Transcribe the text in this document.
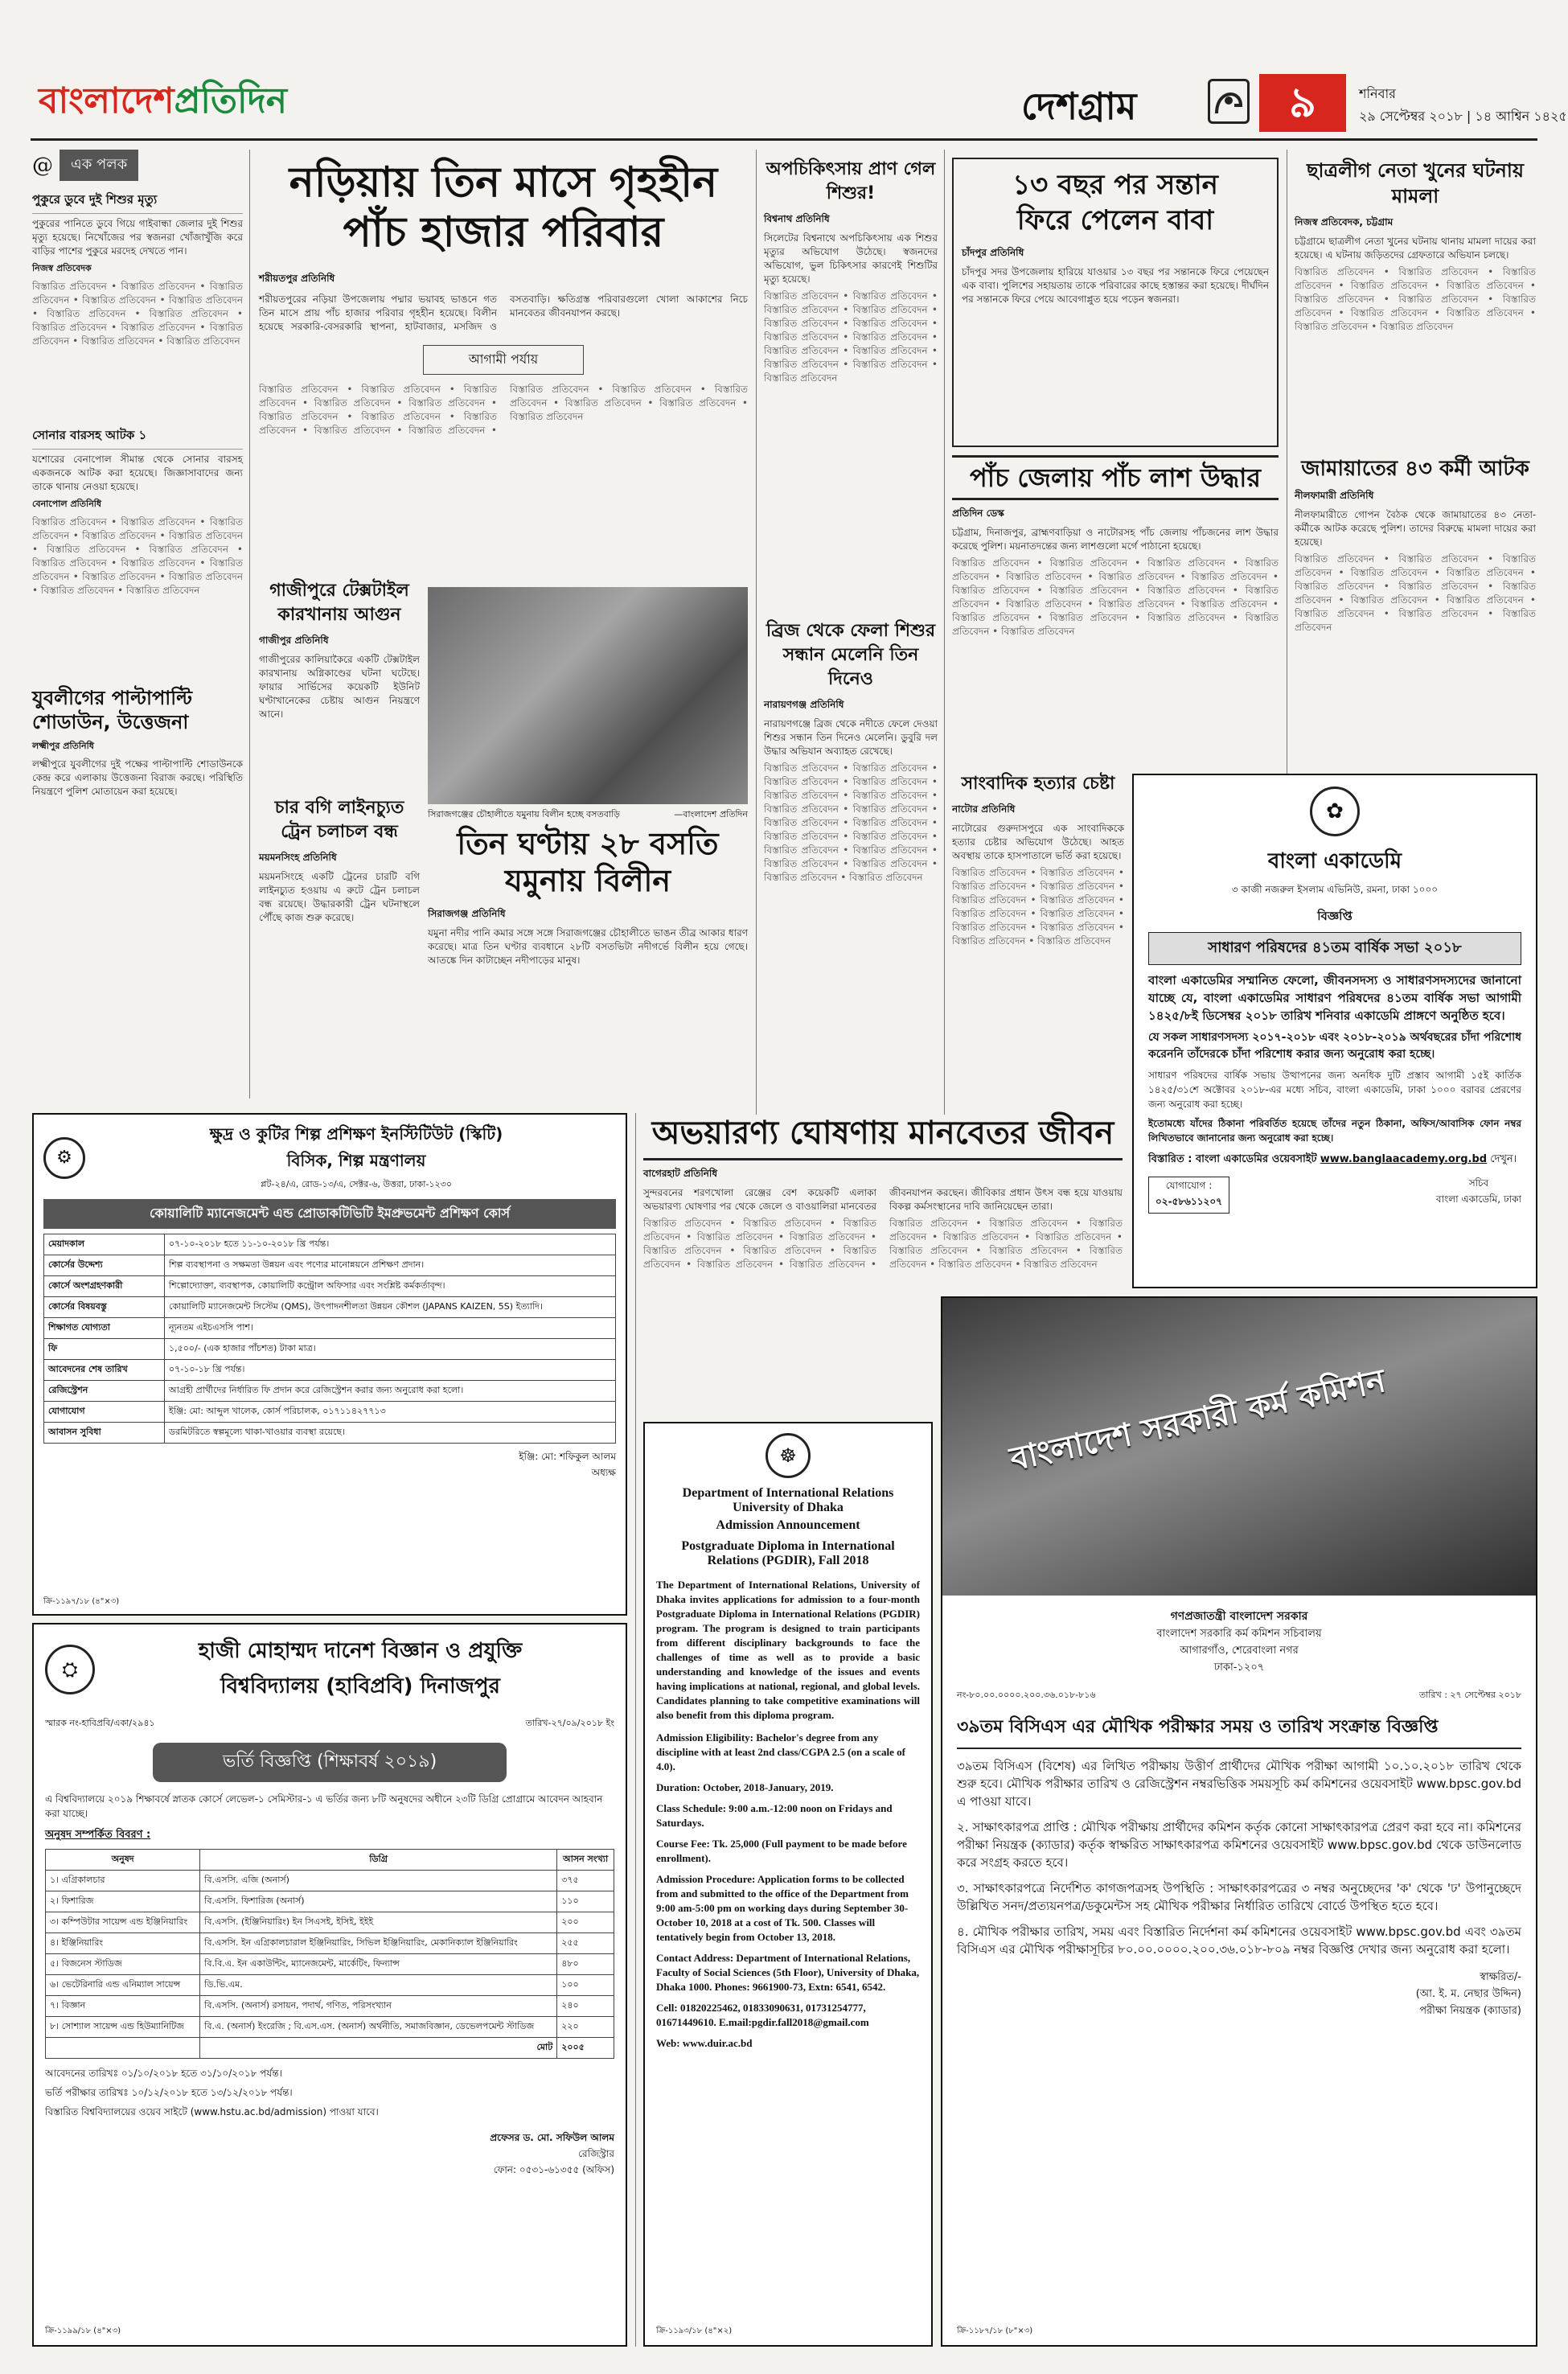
বাংলাদেশপ্রতিদিন	দেশগ্রাম	৯	শনিবার
২৯ সেপ্টেম্বর ২০১৮ | ১৪ আশ্বিন ১৪২৫
@	এক পলক
পুকুরে ডুবে দুই শিশুর মৃত্যু
পুকুরের পানিতে ডুবে গিয়ে গাইবান্ধা জেলার দুই শিশুর মৃত্যু হয়েছে। নিখোঁজের পর স্বজনরা খোঁজাখুঁজি করে বাড়ির পাশের পুকুরে মরদেহ দেখতে পান।
নিজস্ব প্রতিবেদক
বিস্তারিত প্রতিবেদন • বিস্তারিত প্রতিবেদন • বিস্তারিত প্রতিবেদন • বিস্তারিত প্রতিবেদন • বিস্তারিত প্রতিবেদন • বিস্তারিত প্রতিবেদন • বিস্তারিত প্রতিবেদন • বিস্তারিত প্রতিবেদন • বিস্তারিত প্রতিবেদন • বিস্তারিত প্রতিবেদন • বিস্তারিত প্রতিবেদন • বিস্তারিত প্রতিবেদন
সোনার বারসহ আটক ১
যশোরের বেনাপোল সীমান্ত থেকে সোনার বারসহ একজনকে আটক করা হয়েছে। জিজ্ঞাসাবাদের জন্য তাকে থানায় নেওয়া হয়েছে।
বেনাপোল প্রতিনিধি
বিস্তারিত প্রতিবেদন • বিস্তারিত প্রতিবেদন • বিস্তারিত প্রতিবেদন • বিস্তারিত প্রতিবেদন • বিস্তারিত প্রতিবেদন • বিস্তারিত প্রতিবেদন • বিস্তারিত প্রতিবেদন • বিস্তারিত প্রতিবেদন • বিস্তারিত প্রতিবেদন • বিস্তারিত প্রতিবেদন • বিস্তারিত প্রতিবেদন • বিস্তারিত প্রতিবেদন • বিস্তারিত প্রতিবেদন • বিস্তারিত প্রতিবেদন
যুবলীগের পাল্টাপাল্টি শোডাউন, উত্তেজনা
লক্ষ্মীপুর প্রতিনিধি
লক্ষ্মীপুরে যুবলীগের দুই পক্ষের পাল্টাপাল্টি শোডাউনকে কেন্দ্র করে এলাকায় উত্তেজনা বিরাজ করছে। পরিস্থিতি নিয়ন্ত্রণে পুলিশ মোতায়েন করা হয়েছে।
নড়িয়ায় তিন মাসে গৃহহীন
পাঁচ হাজার পরিবার
শরীয়তপুর প্রতিনিধি
শরীয়তপুরের নড়িয়া উপজেলায় পদ্মার ভয়াবহ ভাঙনে গত তিন মাসে প্রায় পাঁচ হাজার পরিবার গৃহহীন হয়েছে। বিলীন হয়েছে সরকারি-বেসরকারি স্থাপনা, হাটবাজার, মসজিদ ও বসতবাড়ি। ক্ষতিগ্রস্ত পরিবারগুলো খোলা আকাশের নিচে মানবেতর জীবনযাপন করছে।
আগামী পর্যায়
বিস্তারিত প্রতিবেদন • বিস্তারিত প্রতিবেদন • বিস্তারিত প্রতিবেদন • বিস্তারিত প্রতিবেদন • বিস্তারিত প্রতিবেদন • বিস্তারিত প্রতিবেদন • বিস্তারিত প্রতিবেদন • বিস্তারিত প্রতিবেদন • বিস্তারিত প্রতিবেদন • বিস্তারিত প্রতিবেদন • বিস্তারিত প্রতিবেদন • বিস্তারিত প্রতিবেদন • বিস্তারিত প্রতিবেদন • বিস্তারিত প্রতিবেদন • বিস্তারিত প্রতিবেদন • বিস্তারিত প্রতিবেদন
গাজীপুরে টেক্সটাইল কারখানায় আগুন
গাজীপুর প্রতিনিধি
গাজীপুরের কালিয়াকৈরে একটি টেক্সটাইল কারখানায় অগ্নিকাণ্ডের ঘটনা ঘটেছে। ফায়ার সার্ভিসের কয়েকটি ইউনিট ঘণ্টাখানেকের চেষ্টায় আগুন নিয়ন্ত্রণে আনে।
চার বগি লাইনচ্যুত ট্রেন চলাচল বন্ধ
ময়মনসিংহ প্রতিনিধি
ময়মনসিংহে একটি ট্রেনের চারটি বগি লাইনচ্যুত হওয়ায় এ রুটে ট্রেন চলাচল বন্ধ রয়েছে। উদ্ধারকারী ট্রেন ঘটনাস্থলে পৌঁছে কাজ শুরু করেছে।
সিরাজগঞ্জের চৌহালীতে যমুনায় বিলীন হচ্ছে বসতবাড়ি	—বাংলাদেশ প্রতিদিন
তিন ঘণ্টায় ২৮ বসতি
যমুনায় বিলীন
সিরাজগঞ্জ প্রতিনিধি
যমুনা নদীর পানি কমার সঙ্গে সঙ্গে সিরাজগঞ্জের চৌহালীতে ভাঙন তীব্র আকার ধারণ করেছে। মাত্র তিন ঘণ্টার ব্যবধানে ২৮টি বসতভিটা নদীগর্ভে বিলীন হয়ে গেছে। আতঙ্কে দিন কাটাচ্ছেন নদীপাড়ের মানুষ।
অপচিকিৎসায় প্রাণ গেল শিশুর!
বিশ্বনাথ প্রতিনিধি
সিলেটের বিশ্বনাথে অপচিকিৎসায় এক শিশুর মৃত্যুর অভিযোগ উঠেছে। স্বজনদের অভিযোগ, ভুল চিকিৎসার কারণেই শিশুটির মৃত্যু হয়েছে।
বিস্তারিত প্রতিবেদন • বিস্তারিত প্রতিবেদন • বিস্তারিত প্রতিবেদন • বিস্তারিত প্রতিবেদন • বিস্তারিত প্রতিবেদন • বিস্তারিত প্রতিবেদন • বিস্তারিত প্রতিবেদন • বিস্তারিত প্রতিবেদন • বিস্তারিত প্রতিবেদন • বিস্তারিত প্রতিবেদন • বিস্তারিত প্রতিবেদন • বিস্তারিত প্রতিবেদন • বিস্তারিত প্রতিবেদন
ব্রিজ থেকে ফেলা শিশুর সন্ধান মেলেনি তিন দিনেও
নারায়ণগঞ্জ প্রতিনিধি
নারায়ণগঞ্জে ব্রিজ থেকে নদীতে ফেলে দেওয়া শিশুর সন্ধান তিন দিনেও মেলেনি। ডুবুরি দল উদ্ধার অভিযান অব্যাহত রেখেছে।
বিস্তারিত প্রতিবেদন • বিস্তারিত প্রতিবেদন • বিস্তারিত প্রতিবেদন • বিস্তারিত প্রতিবেদন • বিস্তারিত প্রতিবেদন • বিস্তারিত প্রতিবেদন • বিস্তারিত প্রতিবেদন • বিস্তারিত প্রতিবেদন • বিস্তারিত প্রতিবেদন • বিস্তারিত প্রতিবেদন • বিস্তারিত প্রতিবেদন • বিস্তারিত প্রতিবেদন • বিস্তারিত প্রতিবেদন • বিস্তারিত প্রতিবেদন • বিস্তারিত প্রতিবেদন • বিস্তারিত প্রতিবেদন • বিস্তারিত প্রতিবেদন • বিস্তারিত প্রতিবেদন
১৩ বছর পর সন্তান
ফিরে পেলেন বাবা
চাঁদপুর প্রতিনিধি
চাঁদপুর সদর উপজেলায় হারিয়ে যাওয়ার ১৩ বছর পর সন্তানকে ফিরে পেয়েছেন এক বাবা। পুলিশের সহায়তায় তাকে পরিবারের কাছে হস্তান্তর করা হয়েছে। দীর্ঘদিন পর সন্তানকে ফিরে পেয়ে আবেগাপ্লুত হয়ে পড়েন স্বজনরা।
পাঁচ জেলায় পাঁচ লাশ উদ্ধার
প্রতিদিন ডেস্ক
চট্টগ্রাম, দিনাজপুর, ব্রাহ্মণবাড়িয়া ও নাটোরসহ পাঁচ জেলায় পাঁচজনের লাশ উদ্ধার করেছে পুলিশ। ময়নাতদন্তের জন্য লাশগুলো মর্গে পাঠানো হয়েছে।
বিস্তারিত প্রতিবেদন • বিস্তারিত প্রতিবেদন • বিস্তারিত প্রতিবেদন • বিস্তারিত প্রতিবেদন • বিস্তারিত প্রতিবেদন • বিস্তারিত প্রতিবেদন • বিস্তারিত প্রতিবেদন • বিস্তারিত প্রতিবেদন • বিস্তারিত প্রতিবেদন • বিস্তারিত প্রতিবেদন • বিস্তারিত প্রতিবেদন • বিস্তারিত প্রতিবেদন • বিস্তারিত প্রতিবেদন • বিস্তারিত প্রতিবেদন • বিস্তারিত প্রতিবেদন • বিস্তারিত প্রতিবেদন • বিস্তারিত প্রতিবেদন • বিস্তারিত প্রতিবেদন • বিস্তারিত প্রতিবেদন
সাংবাদিক হত্যার চেষ্টা
নাটোর প্রতিনিধি
নাটোরের গুরুদাসপুরে এক সাংবাদিককে হত্যার চেষ্টার অভিযোগ উঠেছে। আহত অবস্থায় তাকে হাসপাতালে ভর্তি করা হয়েছে।
বিস্তারিত প্রতিবেদন • বিস্তারিত প্রতিবেদন • বিস্তারিত প্রতিবেদন • বিস্তারিত প্রতিবেদন • বিস্তারিত প্রতিবেদন • বিস্তারিত প্রতিবেদন • বিস্তারিত প্রতিবেদন • বিস্তারিত প্রতিবেদন • বিস্তারিত প্রতিবেদন • বিস্তারিত প্রতিবেদন • বিস্তারিত প্রতিবেদন • বিস্তারিত প্রতিবেদন
ছাত্রলীগ নেতা খুনের ঘটনায় মামলা
নিজস্ব প্রতিবেদক, চট্টগ্রাম
চট্টগ্রামে ছাত্রলীগ নেতা খুনের ঘটনায় থানায় মামলা দায়ের করা হয়েছে। এ ঘটনায় জড়িতদের গ্রেফতারে অভিযান চলছে।
বিস্তারিত প্রতিবেদন • বিস্তারিত প্রতিবেদন • বিস্তারিত প্রতিবেদন • বিস্তারিত প্রতিবেদন • বিস্তারিত প্রতিবেদন • বিস্তারিত প্রতিবেদন • বিস্তারিত প্রতিবেদন • বিস্তারিত প্রতিবেদন • বিস্তারিত প্রতিবেদন • বিস্তারিত প্রতিবেদন • বিস্তারিত প্রতিবেদন • বিস্তারিত প্রতিবেদন
জামায়াতের ৪৩ কর্মী আটক
নীলফামারী প্রতিনিধি
নীলফামারীতে গোপন বৈঠক থেকে জামায়াতের ৪৩ নেতা-কর্মীকে আটক করেছে পুলিশ। তাদের বিরুদ্ধে মামলা দায়ের করা হয়েছে।
বিস্তারিত প্রতিবেদন • বিস্তারিত প্রতিবেদন • বিস্তারিত প্রতিবেদন • বিস্তারিত প্রতিবেদন • বিস্তারিত প্রতিবেদন • বিস্তারিত প্রতিবেদন • বিস্তারিত প্রতিবেদন • বিস্তারিত প্রতিবেদন • বিস্তারিত প্রতিবেদন • বিস্তারিত প্রতিবেদন • বিস্তারিত প্রতিবেদন • বিস্তারিত প্রতিবেদন • বিস্তারিত প্রতিবেদন
✿
বাংলা একাডেমি
৩ কাজী নজরুল ইসলাম এভিনিউ, রমনা, ঢাকা ১০০০
বিজ্ঞপ্তি
সাধারণ পরিষদের ৪১তম বার্ষিক সভা ২০১৮
বাংলা একাডেমির সম্মানিত ফেলো, জীবনসদস্য ও সাধারণসদস্যদের জানানো যাচ্ছে যে, বাংলা একাডেমির সাধারণ পরিষদের ৪১তম বার্ষিক সভা আগামী ১৪২৫/৮ই ডিসেম্বর ২০১৮ তারিখ শনিবার একাডেমি প্রাঙ্গণে অনুষ্ঠিত হবে।
যে সকল সাধারণসদস্য ২০১৭-২০১৮ এবং ২০১৮-২০১৯ অর্থবছরের চাঁদা পরিশোধ করেননি তাঁদেরকে চাঁদা পরিশোধ করার জন্য অনুরোধ করা হচ্ছে।
সাধারণ পরিষদের বার্ষিক সভায় উত্থাপনের জন্য অনধিক দুটি প্রস্তাব আগামী ১৫ই কার্তিক ১৪২৫/৩১শে অক্টোবর ২০১৮-এর মধ্যে সচিব, বাংলা একাডেমি, ঢাকা ১০০০ বরাবর প্রেরণের জন্য অনুরোধ করা হচ্ছে।
ইতোমধ্যে যাঁদের ঠিকানা পরিবর্তিত হয়েছে তাঁদের নতুন ঠিকানা, অফিস/আবাসিক ফোন নম্বর লিখিতভাবে জানানোর জন্য অনুরোধ করা হচ্ছে।
বিস্তারিত : বাংলা একাডেমির ওয়েবসাইট www.banglaacademy.org.bd দেখুন।
যোগাযোগ :
০২-৫৮৬১১২০৭
সচিব
বাংলা একাডেমি, ঢাকা
⚙
ক্ষুদ্র ও কুটির শিল্প প্রশিক্ষণ ইনস্টিটিউট (স্কিটি)
বিসিক, শিল্প মন্ত্রণালয়
প্লট-২৪/এ, রোড-১৩/এ, সেক্টর-৬, উত্তরা, ঢাকা-১২৩০
কোয়ালিটি ম্যানেজমেন্ট এন্ড প্রোডাকটিভিটি ইমপ্রুভমেন্ট প্রশিক্ষণ কোর্স
মেয়াদকাল	০৭-১০-২০১৮ হতে ১১-১০-২০১৮ খ্রি পর্যন্ত।
কোর্সের উদ্দেশ্য	শিল্প ব্যবস্থাপনা ও সক্ষমতা উন্নয়ন এবং পণ্যের মানোন্নয়নে প্রশিক্ষণ প্রদান।
কোর্সে অংশগ্রহণকারী	শিল্পোদ্যোক্তা, ব্যবস্থাপক, কোয়ালিটি কন্ট্রোল অফিসার এবং সংশ্লিষ্ট কর্মকর্তাবৃন্দ।
কোর্সের বিষয়বস্তু	কোয়ালিটি ম্যানেজমেন্ট সিস্টেম (QMS), উৎপাদনশীলতা উন্নয়ন কৌশল (JAPANS KAIZEN, 5S) ইত্যাদি।
শিক্ষাগত যোগ্যতা	ন্যূনতম এইচএসসি পাশ।
ফি	১,৫০০/- (এক হাজার পাঁচশত) টাকা মাত্র।
আবেদনের শেষ তারিখ	০৭-১০-১৮ খ্রি পর্যন্ত।
রেজিস্ট্রেশন	আগ্রহী প্রার্থীদের নির্ধারিত ফি প্রদান করে রেজিস্ট্রেশন করার জন্য অনুরোধ করা হলো।
যোগাযোগ	ইঞ্জি: মো: আব্দুল খালেক, কোর্স পরিচালক, ০১৭১১৪২৭৭১৩
আবাসন সুবিধা	ডরমিটরিতে স্বল্পমূল্যে থাকা-খাওয়ার ব্যবস্থা রয়েছে।
ইঞ্জি: মো: শফিকুল আলম
অধ্যক্ষ
ক্রি-১১৯৭/১৮ (৪"×৩)
⛭
হাজী মোহাম্মদ দানেশ বিজ্ঞান ও প্রযুক্তি
বিশ্ববিদ্যালয় (হাবিপ্রবি) দিনাজপুর
স্মারক নং-হাবিপ্রবি/একা/২৯৪১	তারিখ-২৭/০৯/২০১৮ ইং
ভর্তি বিজ্ঞপ্তি (শিক্ষাবর্ষ ২০১৯)
এ বিশ্ববিদ্যালয়ে ২০১৯ শিক্ষাবর্ষে স্নাতক কোর্সে লেভেল-১ সেমিস্টার-১ এ ভর্তির জন্য ৮টি অনুষদের অধীনে ২৩টি ডিগ্রি প্রোগ্রামে আবেদন আহবান করা যাচ্ছে।
অনুষদ সম্পর্কিত বিবরণ :
অনুষদ	ডিগ্রি	আসন সংখ্যা
১। এগ্রিকালচার	বি.এসসি. এজি (অনার্স)	৩৭৫
২। ফিশারিজ	বি.এসসি. ফিশারিজ (অনার্স)	১১০
৩। কম্পিউটার সায়েন্স এন্ড ইঞ্জিনিয়ারিং	বি.এসসি. (ইঞ্জিনিয়ারিং) ইন সিএসই, ইসিই, ইইই	২০০
৪। ইঞ্জিনিয়ারিং	বি.এসসি. ইন এগ্রিকালচারাল ইঞ্জিনিয়ারিং, সিভিল ইঞ্জিনিয়ারিং, মেকানিক্যাল ইঞ্জিনিয়ারিং	২৫৫
৫। বিজনেস স্টাডিজ	বি.বি.এ. ইন একাউন্টিং, ম্যানেজমেন্ট, মার্কেটিং, ফিন্যান্স	৪৮০
৬। ভেটেরিনারি এন্ড এনিম্যাল সায়েন্স	ডি.ভি.এম.	১০০
৭। বিজ্ঞান	বি.এসসি. (অনার্স) রসায়ন, পদার্থ, গণিত, পরিসংখ্যান	২৪০
৮। সোশ্যাল সায়েন্স এন্ড হিউম্যানিটিজ	বি.এ. (অনার্স) ইংরেজি ; বি.এস.এস. (অনার্স) অর্থনীতি, সমাজবিজ্ঞান, ডেভেলপমেন্ট স্টাডিজ	২২০
	মোট	২০০৫
আবেদনের তারিখঃ ০১/১০/২০১৮ হতে ৩১/১০/২০১৮ পর্যন্ত।
ভর্তি পরীক্ষার তারিখঃ ১০/১২/২০১৮ হতে ১৩/১২/২০১৮ পর্যন্ত।
বিস্তারিত বিশ্ববিদ্যালয়ের ওয়েব সাইটে (www.hstu.ac.bd/admission) পাওয়া যাবে।
প্রফেসর ড. মো. সফিউল আলম
রেজিস্ট্রার
ফোন: ০৫৩১-৬১৩৫৫ (অফিস)
ক্রি-১১৯৯/১৮ (৪"×৩)
অভয়ারণ্য ঘোষণায় মানবেতর জীবন
বাগেরহাট প্রতিনিধি
সুন্দরবনের শরণখোলা রেঞ্জের বেশ কয়েকটি এলাকা অভয়ারণ্য ঘোষণার পর থেকে জেলে ও বাওয়ালিরা মানবেতর জীবনযাপন করছেন। জীবিকার প্রধান উৎস বন্ধ হয়ে যাওয়ায় বিকল্প কর্মসংস্থানের দাবি জানিয়েছেন তারা।
বিস্তারিত প্রতিবেদন • বিস্তারিত প্রতিবেদন • বিস্তারিত প্রতিবেদন • বিস্তারিত প্রতিবেদন • বিস্তারিত প্রতিবেদন • বিস্তারিত প্রতিবেদন • বিস্তারিত প্রতিবেদন • বিস্তারিত প্রতিবেদন • বিস্তারিত প্রতিবেদন • বিস্তারিত প্রতিবেদন • বিস্তারিত প্রতিবেদন • বিস্তারিত প্রতিবেদন • বিস্তারিত প্রতিবেদন • বিস্তারিত প্রতিবেদন • বিস্তারিত প্রতিবেদন • বিস্তারিত প্রতিবেদন • বিস্তারিত প্রতিবেদন • বিস্তারিত প্রতিবেদন • বিস্তারিত প্রতিবেদন • বিস্তারিত প্রতিবেদন
☸
Department of International Relations
University of Dhaka
Admission Announcement
Postgraduate Diploma in International Relations (PGDIR), Fall 2018
The Department of International Relations, University of Dhaka invites applications for admission to a four-month Postgraduate Diploma in International Relations (PGDIR) program. The program is designed to train participants from different disciplinary backgrounds to face the challenges of time as well as to provide a basic understanding and knowledge of the issues and events having implications at national, regional, and global levels. Candidates planning to take competitive examinations will also benefit from this diploma program.
Admission Eligibility: Bachelor's degree from any discipline with at least 2nd class/CGPA 2.5 (on a scale of 4.0).
Duration: October, 2018-January, 2019.
Class Schedule: 9:00 a.m.-12:00 noon on Fridays and Saturdays.
Course Fee: Tk. 25,000 (Full payment to be made before enrollment).
Admission Procedure: Application forms to be collected from and submitted to the office of the Department from 9:00 am-5:00 pm on working days during September 30-October 10, 2018 at a cost of Tk. 500. Classes will tentatively begin from October 13, 2018.
Contact Address: Department of International Relations, Faculty of Social Sciences (5th Floor), University of Dhaka, Dhaka 1000. Phones: 9661900-73, Extn: 6541, 6542.
Cell: 01820225462, 01833090631, 01731254777, 01671449610. E.mail:pgdir.fall2018@gmail.com
Web: www.duir.ac.bd
ক্রি-১১৯৩/১৮ (৪"×২)
বাংলাদেশ সরকারী কর্ম কমিশন
গণপ্রজাতন্ত্রী বাংলাদেশ সরকার
বাংলাদেশ সরকারি কর্ম কমিশন সচিবালয়
আগারগাঁও, শেরেবাংলা নগর
ঢাকা-১২০৭
নং-৮০.০০.০০০০.২০০.৩৬.০১৮-৮১৬	তারিখ : ২৭ সেপ্টেম্বর ২০১৮
৩৯তম বিসিএস এর মৌখিক পরীক্ষার সময় ও তারিখ সংক্রান্ত বিজ্ঞপ্তি
৩৯তম বিসিএস (বিশেষ) এর লিখিত পরীক্ষায় উত্তীর্ণ প্রার্থীদের মৌখিক পরীক্ষা আগামী ১০.১০.২০১৮ তারিখ থেকে শুরু হবে। মৌখিক পরীক্ষার তারিখ ও রেজিস্ট্রেশন নম্বরভিত্তিক সময়সূচি কর্ম কমিশনের ওয়েবসাইট www.bpsc.gov.bd এ পাওয়া যাবে।
২. সাক্ষাৎকারপত্র প্রাপ্তি : মৌখিক পরীক্ষায় প্রার্থীদের কমিশন কর্তৃক কোনো সাক্ষাৎকারপত্র প্রেরণ করা হবে না। কমিশনের পরীক্ষা নিয়ন্ত্রক (ক্যাডার) কর্তৃক স্বাক্ষরিত সাক্ষাৎকারপত্র কমিশনের ওয়েবসাইট www.bpsc.gov.bd থেকে ডাউনলোড করে সংগ্রহ করতে হবে।
৩. সাক্ষাৎকারপত্রে নির্দেশিত কাগজপত্রসহ উপস্থিতি : সাক্ষাৎকারপত্রের ৩ নম্বর অনুচ্ছেদের 'ক' থেকে 'ঢ' উপানুচ্ছেদে উল্লিখিত সনদ/প্রত্যয়নপত্র/ডকুমেন্টস সহ মৌখিক পরীক্ষার নির্ধারিত তারিখে বোর্ডে উপস্থিত হতে হবে।
৪. মৌখিক পরীক্ষার তারিখ, সময় এবং বিস্তারিত নির্দেশনা কর্ম কমিশনের ওয়েবসাইট www.bpsc.gov.bd এবং ৩৯তম বিসিএস এর মৌখিক পরীক্ষাসূচির ৮০.০০.০০০০.২০০.৩৬.০১৮-৮০৯ নম্বর বিজ্ঞপ্তি দেখার জন্য অনুরোধ করা হলো।
স্বাক্ষরিত/-
(আ. ই. ম. নেছার উদ্দিন)
পরীক্ষা নিয়ন্ত্রক (ক্যাডার)
ক্রি-১১৮৭/১৮ (৮"×৩)
